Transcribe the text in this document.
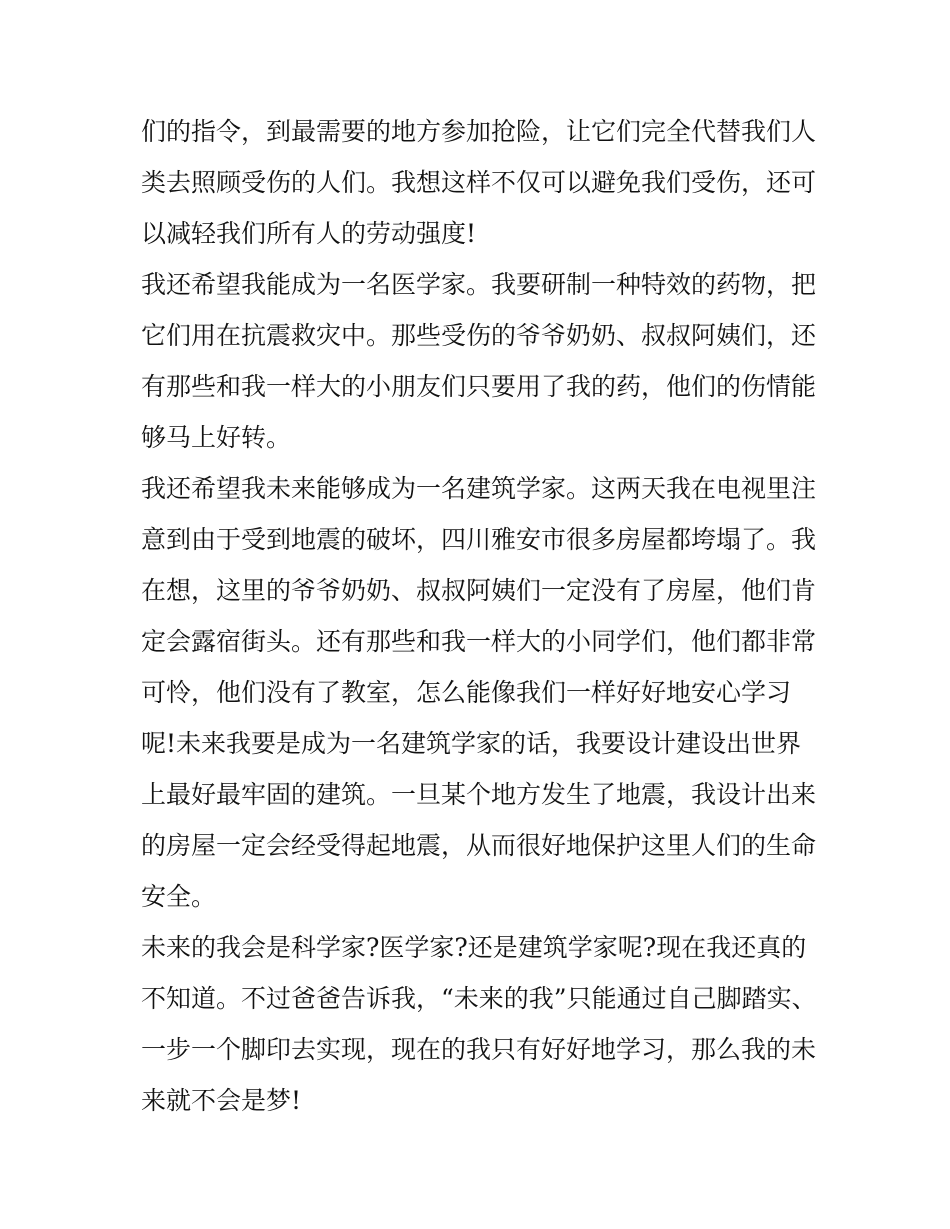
们的指令，到最需要的地方参加抢险，让它们完全代替我们人
类去照顾受伤的人们。我想这样不仅可以避免我们受伤，还可
以减轻我们所有人的劳动强度!
我还希望我能成为一名医学家。我要研制一种特效的药物，把
它们用在抗震救灾中。那些受伤的爷爷奶奶、叔叔阿姨们，还
有那些和我一样大的小朋友们只要用了我的药，他们的伤情能
够马上好转。
我还希望我未来能够成为一名建筑学家。这两天我在电视里注
意到由于受到地震的破坏，四川雅安市很多房屋都垮塌了。我
在想，这里的爷爷奶奶、叔叔阿姨们一定没有了房屋，他们肯
定会露宿街头。还有那些和我一样大的小同学们，他们都非常
可怜，他们没有了教室，怎么能像我们一样好好地安心学习
呢!未来我要是成为一名建筑学家的话，我要设计建设出世界
上最好最牢固的建筑。一旦某个地方发生了地震，我设计出来
的房屋一定会经受得起地震，从而很好地保护这里人们的生命
安全。
未来的我会是科学家?医学家?还是建筑学家呢?现在我还真的
不知道。不过爸爸告诉我，“未来的我”只能通过自己脚踏实、
一步一个脚印去实现，现在的我只有好好地学习，那么我的未
来就不会是梦!
